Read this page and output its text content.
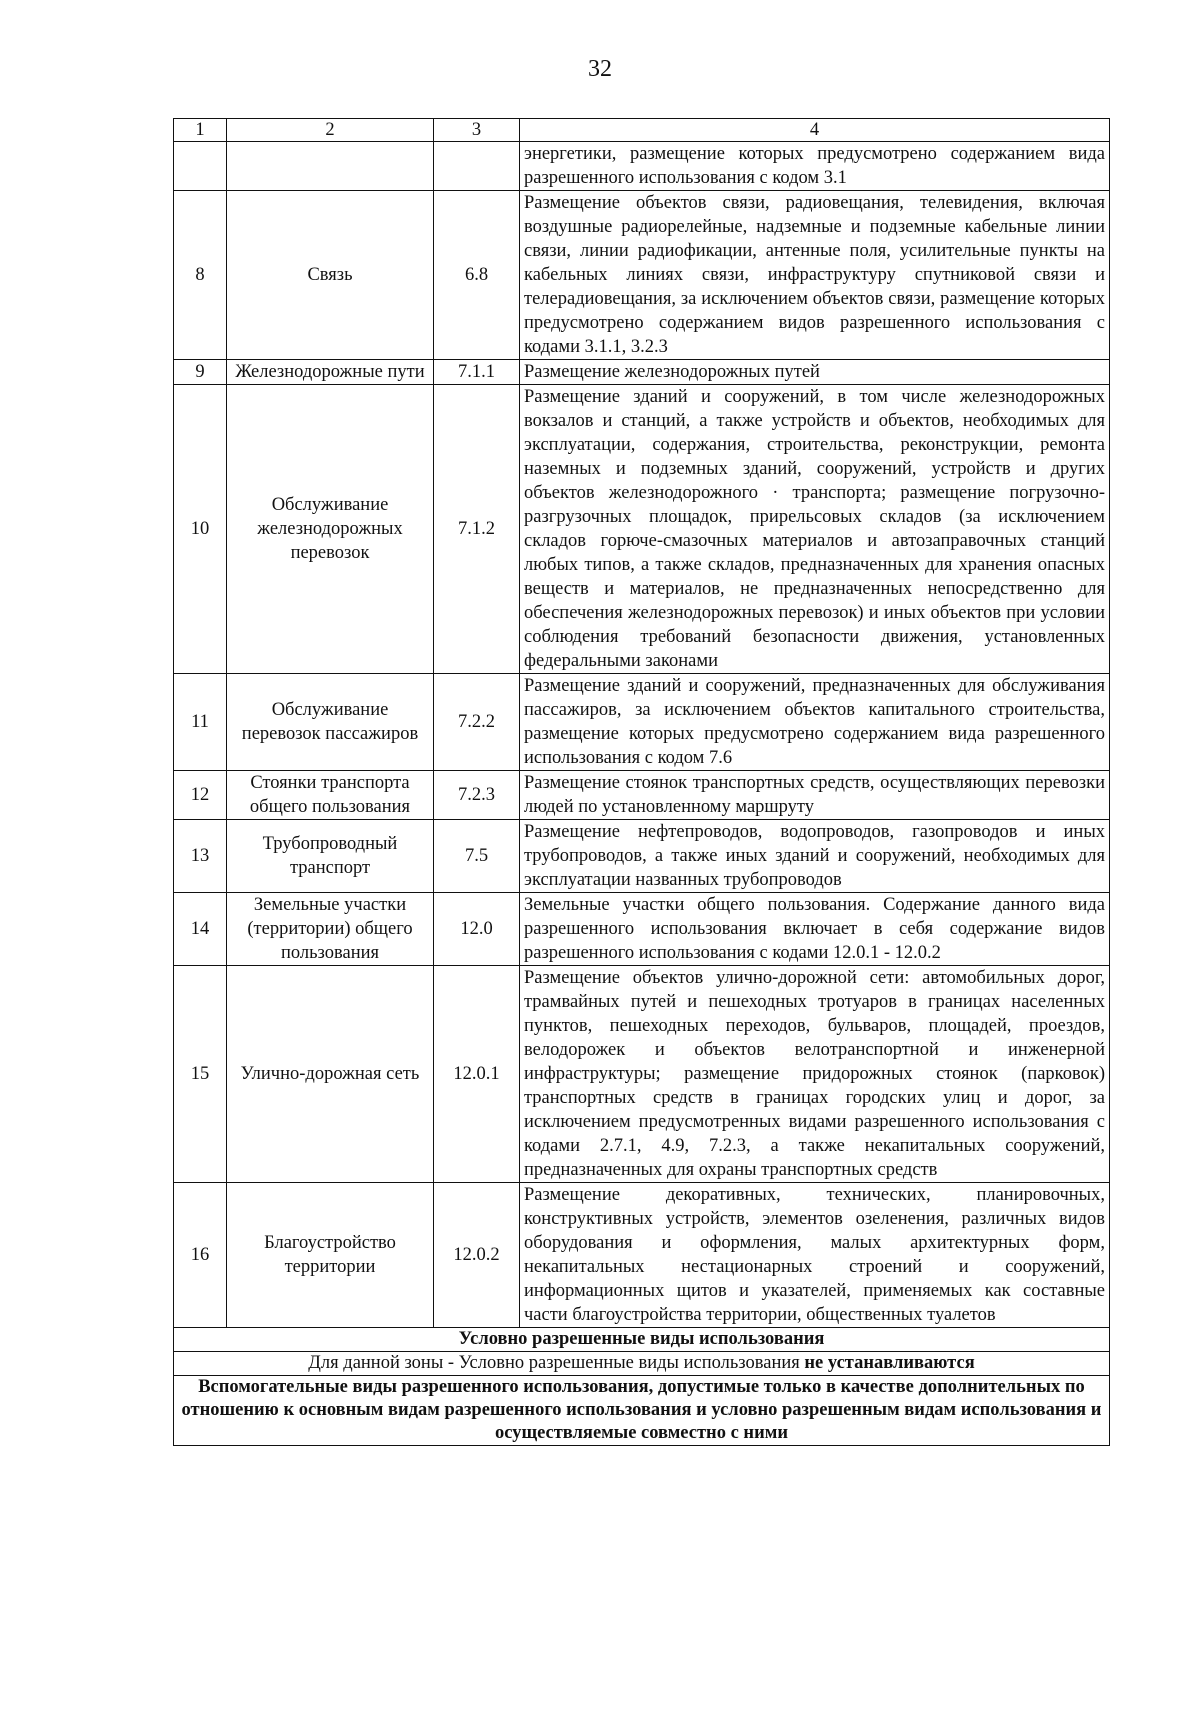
32
1	2	3	4
			энергетики, размещение которых предусмотрено содержанием вида разрешенного использования с кодом 3.1
8	Связь	6.8	Размещение объектов связи, радиовещания, телевидения, включая воздушные радиорелейные, надземные и подземные кабельные линии связи, линии радиофикации, антенные поля, усилительные пункты на кабельных линиях связи, инфраструктуру спутниковой связи и телерадиовещания, за исключением объектов связи, размещение которых предусмотрено содержанием видов разрешенного использования с кодами 3.1.1, 3.2.3
9	Железнодорожные пути	7.1.1	Размещение железнодорожных путей
10	Обслуживание железнодорожных перевозок	7.1.2	Размещение зданий и сооружений, в том числе железнодорожных вокзалов и станций, а также устройств и объектов, необходимых для эксплуатации, содержания, строительства, реконструкции, ремонта наземных и подземных зданий, сооружений, устройств и других объектов железнодорожного · транспорта; размещение погрузочно-разгрузочных площадок, прирельсовых складов (за исключением складов горюче-смазочных материалов и автозаправочных станций любых типов, а также складов, предназначенных для хранения опасных веществ и материалов, не предназначенных непосредственно для обеспечения железнодорожных перевозок) и иных объектов при условии соблюдения требований безопасности движения, установленных федеральными законами
11	Обслуживание перевозок пассажиров	7.2.2	Размещение зданий и сооружений, предназначенных для обслуживания пассажиров, за исключением объектов капитального строительства, размещение которых предусмотрено содержанием вида разрешенного использования с кодом 7.6
12	Стоянки транспорта общего пользования	7.2.3	Размещение стоянок транспортных средств, осуществляющих перевозки людей по установленному маршруту
13	Трубопроводный транспорт	7.5	Размещение нефтепроводов, водопроводов, газопроводов и иных трубопроводов, а также иных зданий и сооружений, необходимых для эксплуатации названных трубопроводов
14	Земельные участки (территории) общего пользования	12.0	Земельные участки общего пользования. Содержание данного вида разрешенного использования включает в себя содержание видов разрешенного использования с кодами 12.0.1 - 12.0.2
15	Улично-дорожная сеть	12.0.1	Размещение объектов улично-дорожной сети: автомобильных дорог, трамвайных путей и пешеходных тротуаров в границах населенных пунктов, пешеходных переходов, бульваров, площадей, проездов, велодорожек и объектов велотранспортной и инженерной инфраструктуры; размещение придорожных стоянок (парковок) транспортных средств в границах городских улиц и дорог, за исключением предусмотренных видами разрешенного использования с кодами 2.7.1, 4.9, 7.2.3, а также некапитальных сооружений, предназначенных для охраны транспортных средств
16	Благоустройство территории	12.0.2	Размещение декоративных, технических, планировочных, конструктивных устройств, элементов озеленения, различных видов оборудования и оформления, малых архитектурных форм, некапитальных нестационарных строений и сооружений, информационных щитов и указателей, применяемых как составные части благоустройства территории, общественных туалетов
Условно разрешенные виды использования			
Для данной зоны - Условно разрешенные виды использования не устанавливаются			
Вспомогательные виды разрешенного использования, допустимые только в качестве дополнительных по отношению к основным видам разрешенного использования и условно разрешенным видам использования и осуществляемые совместно с ними			
